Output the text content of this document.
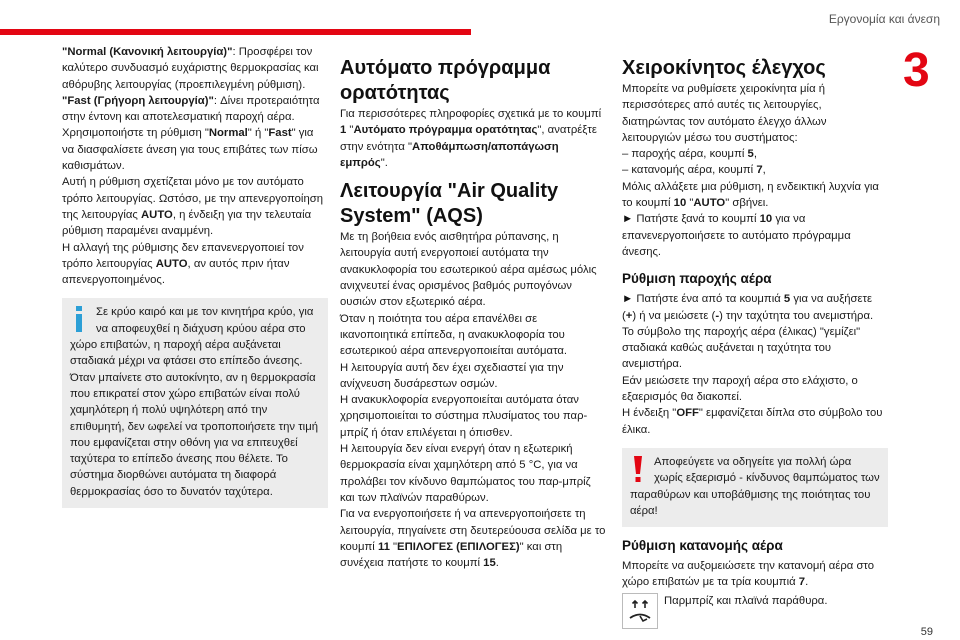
Εργονομία και άνεση
3
59

"Normal (Κανονική λειτουργία)": Προσφέρει τον καλύτερο συνδυασμό ευχάριστης θερμοκρασίας και αθόρυβης λειτουργίας (προεπιλεγμένη ρύθμιση).

"Fast (Γρήγορη λειτουργία)": Δίνει προτεραιότητα στην έντονη και αποτελεσματική παροχή αέρα.

Χρησιμοποιήστε τη ρύθμιση "Normal" ή "Fast" για να διασφαλίσετε άνεση για τους επιβάτες των πίσω καθισμάτων.

Αυτή η ρύθμιση σχετίζεται μόνο με τον αυτόματο τρόπο λειτουργίας. Ωστόσο, με την απενεργοποίηση της λειτουργίας AUTO, η ένδειξη για την τελευταία ρύθμιση παραμένει αναμμένη.

Η αλλαγή της ρύθμισης δεν επανενεργοποιεί τον τρόπο λειτουργίας AUTO, αν αυτός πριν ήταν απενεργοποιημένος.

Σε κρύο καιρό και με τον κινητήρα κρύο, για να αποφευχθεί η διάχυση κρύου αέρα στο χώρο επιβατών, η παροχή αέρα αυξάνεται σταδιακά μέχρι να φτάσει στο επίπεδο άνεσης. Όταν μπαίνετε στο αυτοκίνητο, αν η θερμοκρασία που επικρατεί στον χώρο επιβατών είναι πολύ χαμηλότερη ή πολύ υψηλότερη από την επιθυμητή, δεν ωφελεί να τροποποιήσετε την τιμή που εμφανίζεται στην οθόνη για να επιτευχθεί ταχύτερα το επίπεδο άνεσης που θέλετε. Το σύστημα διορθώνει αυτόματα τη διαφορά θερμοκρασίας όσο το δυνατόν ταχύτερα.
Αυτόματο πρόγραμμα ορατότητας

Για περισσότερες πληροφορίες σχετικά με το κουμπί 1 "Αυτόματο πρόγραμμα ορατότητας", ανατρέξτε στην ενότητα "Αποθάμπωση/αποπάγωση εμπρός".

Λειτουργία "Air Quality System" (AQS)

Με τη βοήθεια ενός αισθητήρα ρύπανσης, η λειτουργία αυτή ενεργοποιεί αυτόματα την ανακυκλοφορία του εσωτερικού αέρα αμέσως μόλις ανιχνευτεί ένας ορισμένος βαθμός ρυπογόνων ουσιών στον εξωτερικό αέρα.

Όταν η ποιότητα του αέρα επανέλθει σε ικανοποιητικά επίπεδα, η ανακυκλοφορία του εσωτερικού αέρα απενεργοποιείται αυτόματα.

Η λειτουργία αυτή δεν έχει σχεδιαστεί για την ανίχνευση δυσάρεστων οσμών.

Η ανακυκλοφορία ενεργοποιείται αυτόματα όταν χρησιμοποιείται το σύστημα πλυσίματος του παρ-μπρίζ ή όταν επιλέγεται η όπισθεν.

Η λειτουργία δεν είναι ενεργή όταν η εξωτερική θερμοκρασία είναι χαμηλότερη από 5 °C, για να προλάβει τον κίνδυνο θαμπώματος του παρ-μπρίζ και των πλαϊνών παραθύρων.

Για να ενεργοποιήσετε ή να απενεργοποιήσετε τη λειτουργία, πηγαίνετε στη δευτερεύουσα σελίδα με το κουμπί 11 "ΕΠΙΛΟΓΕΣ (ΕΠΙΛΟΓΕΣ)" και στη συνέχεια πατήστε το κουμπί 15.

Χειροκίνητος έλεγχος

Μπορείτε να ρυθμίσετε χειροκίνητα μία ή περισσότερες από αυτές τις λειτουργίες, διατηρώντας τον αυτόματο έλεγχο άλλων λειτουργιών μέσω του συστήματος:

– παροχής αέρα, κουμπί 5,

– κατανομής αέρα, κουμπί 7,

Μόλις αλλάξετε μια ρύθμιση, η ενδεικτική λυχνία για το κουμπί 10 "AUTO" σβήνει.

► Πατήστε ξανά το κουμπί 10 για να επανενεργοποιήσετε το αυτόματο πρόγραμμα άνεσης.

Ρύθμιση παροχής αέρα

► Πατήστε ένα από τα κουμπιά 5 για να αυξήσετε (+) ή να μειώσετε (-) την ταχύτητα του ανεμιστήρα.

Το σύμβολο της παροχής αέρα (έλικας) "γεμίζει" σταδιακά καθώς αυξάνεται η ταχύτητα του ανεμιστήρα.

Εάν μειώσετε την παροχή αέρα στο ελάχιστο, ο εξαερισμός θα διακοπεί.

Η ένδειξη "OFF" εμφανίζεται δίπλα στο σύμβολο του έλικα.

Αποφεύγετε να οδηγείτε για πολλή ώρα χωρίς εξαερισμό - κίνδυνος θαμπώματος των παραθύρων και υποβάθμισης της ποιότητας του αέρα!
Ρύθμιση κατανομής αέρα

Μπορείτε να αυξομειώσετε την κατανομή αέρα στο χώρο επιβατών με τα τρία κουμπιά 7.

Παρμπρίζ και πλαϊνά παράθυρα.
